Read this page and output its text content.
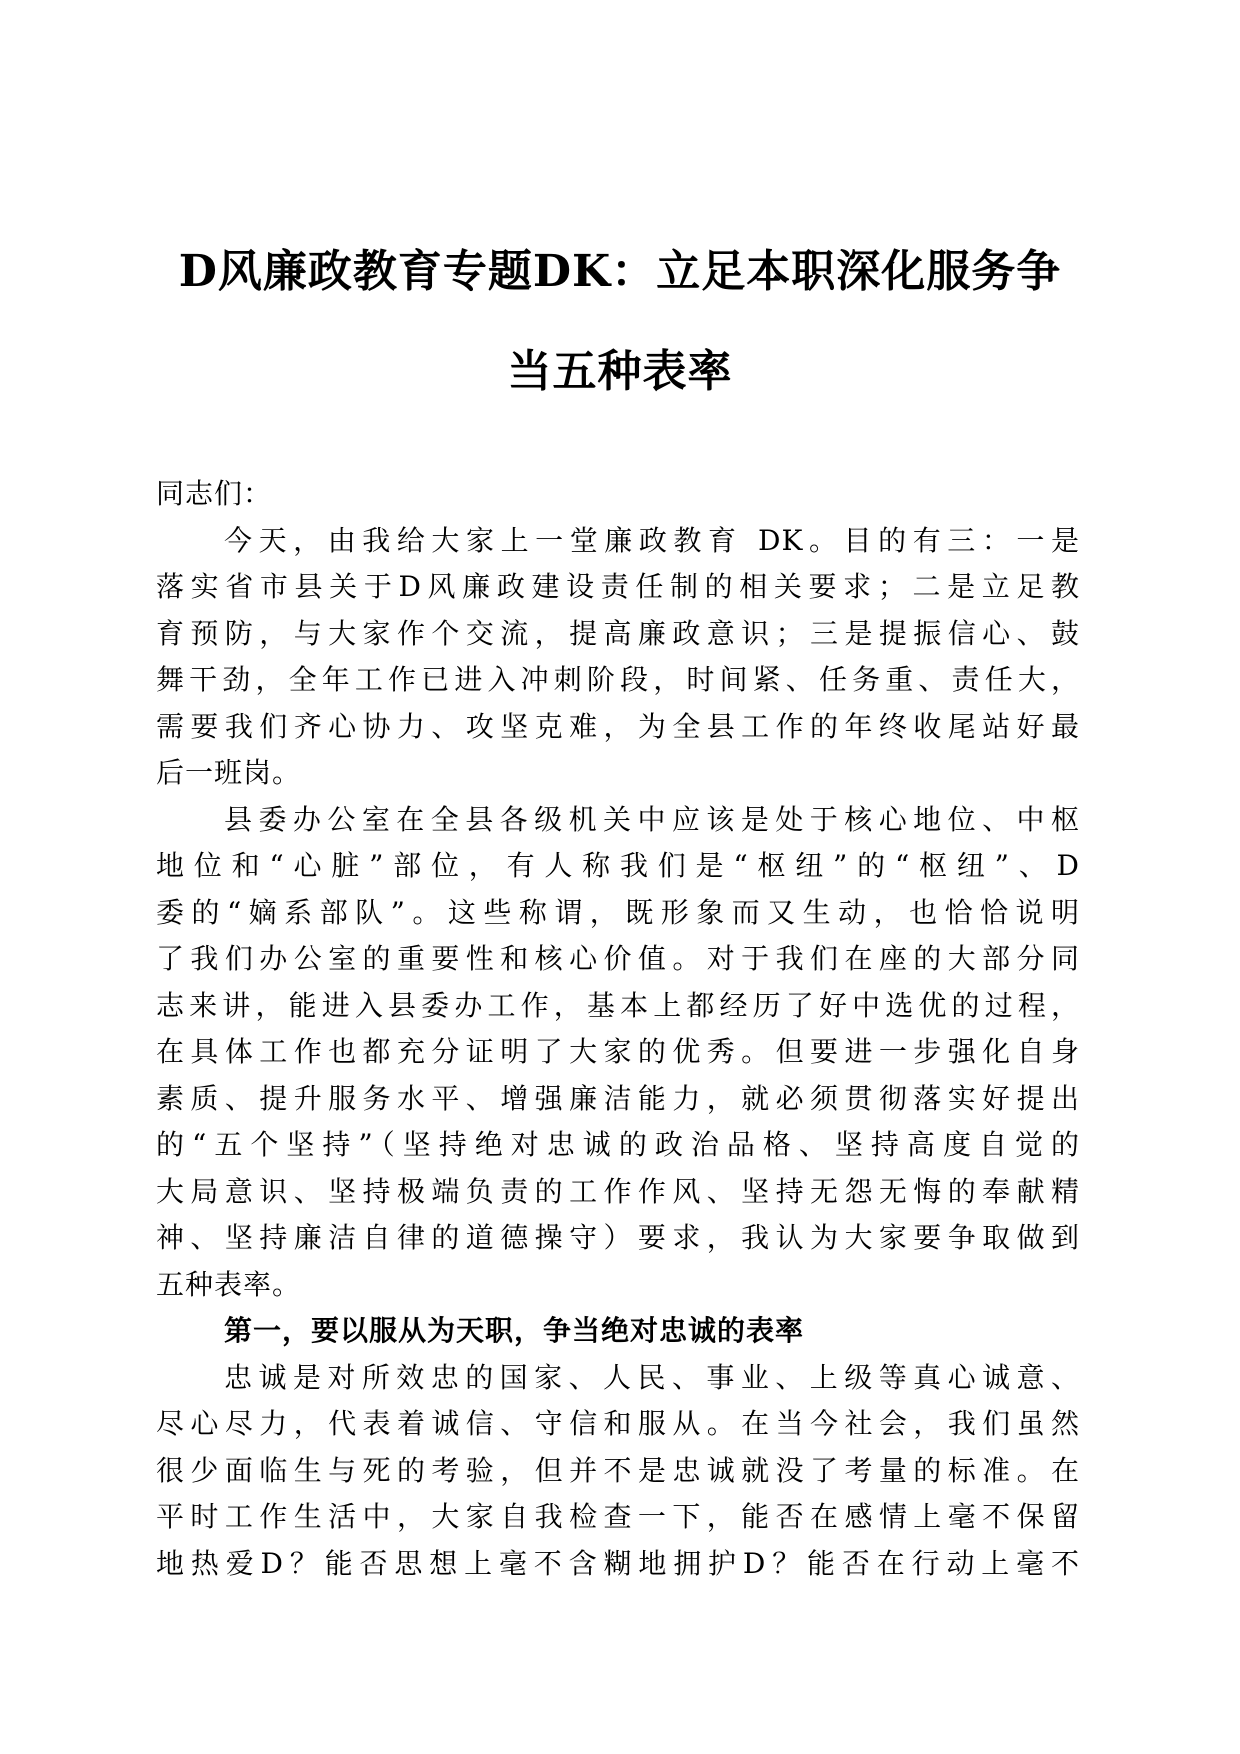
D风廉政教育专题DK：立足本职深化服务争
当五种表率
同志们：
今天，由我给大家上一堂廉政教育 DK。目的有三：一是
落实省市县关于D风廉政建设责任制的相关要求；二是立足教
育预防，与大家作个交流，提高廉政意识；三是提振信心、鼓
舞干劲，全年工作已进入冲刺阶段，时间紧、任务重、责任大，
需要我们齐心协力、攻坚克难，为全县工作的年终收尾站好最
后一班岗。
县委办公室在全县各级机关中应该是处于核心地位、中枢
地位和“心脏”部位，有人称我们是“枢纽”的“枢纽”、D
委的“嫡系部队”。这些称谓，既形象而又生动，也恰恰说明
了我们办公室的重要性和核心价值。对于我们在座的大部分同
志来讲，能进入县委办工作，基本上都经历了好中选优的过程，
在具体工作也都充分证明了大家的优秀。但要进一步强化自身
素质、提升服务水平、增强廉洁能力，就必须贯彻落实好提出
的“五个坚持”（坚持绝对忠诚的政治品格、坚持高度自觉的
大局意识、坚持极端负责的工作作风、坚持无怨无悔的奉献精
神、坚持廉洁自律的道德操守）要求，我认为大家要争取做到
五种表率。
第一，要以服从为天职，争当绝对忠诚的表率
忠诚是对所效忠的国家、人民、事业、上级等真心诚意、
尽心尽力，代表着诚信、守信和服从。在当今社会，我们虽然
很少面临生与死的考验，但并不是忠诚就没了考量的标准。在
平时工作生活中，大家自我检查一下，能否在感情上毫不保留
地热爱D？能否思想上毫不含糊地拥护D？能否在行动上毫不
